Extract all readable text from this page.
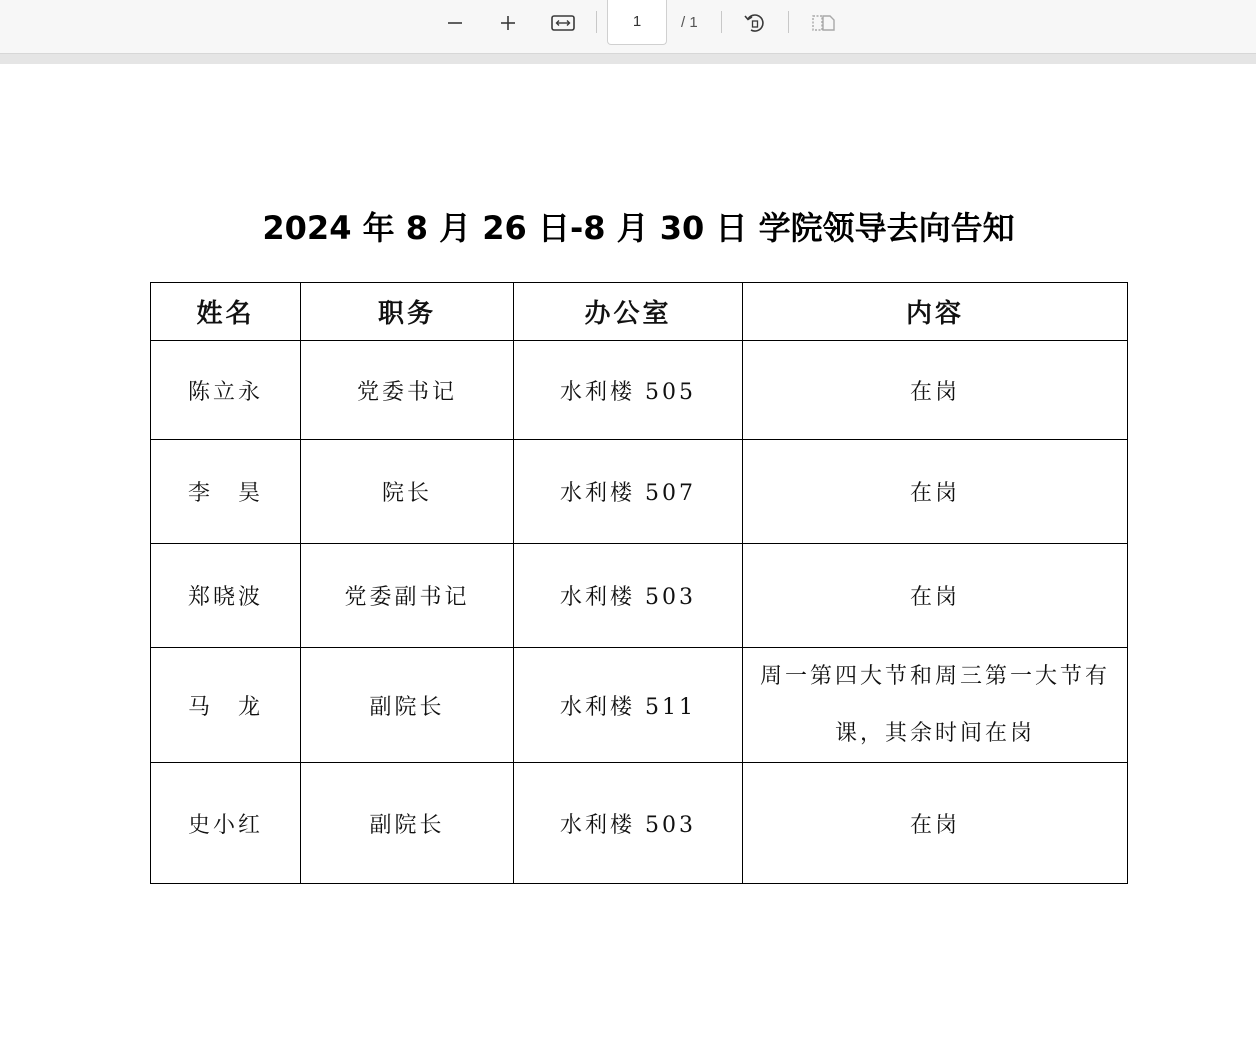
1	/ 1
2024 年 8 月 26 日-8 月 30 日 学院领导去向告知
姓名	职务	办公室	内容
陈立永	党委书记	水利楼 505	在岗
李　昊	院长	水利楼 507	在岗
郑晓波	党委副书记	水利楼 503	在岗
马　龙	副院长	水利楼 511	周一第四大节和周三第一大节有课，其余时间在岗

史小红	副院长	水利楼 503	在岗
